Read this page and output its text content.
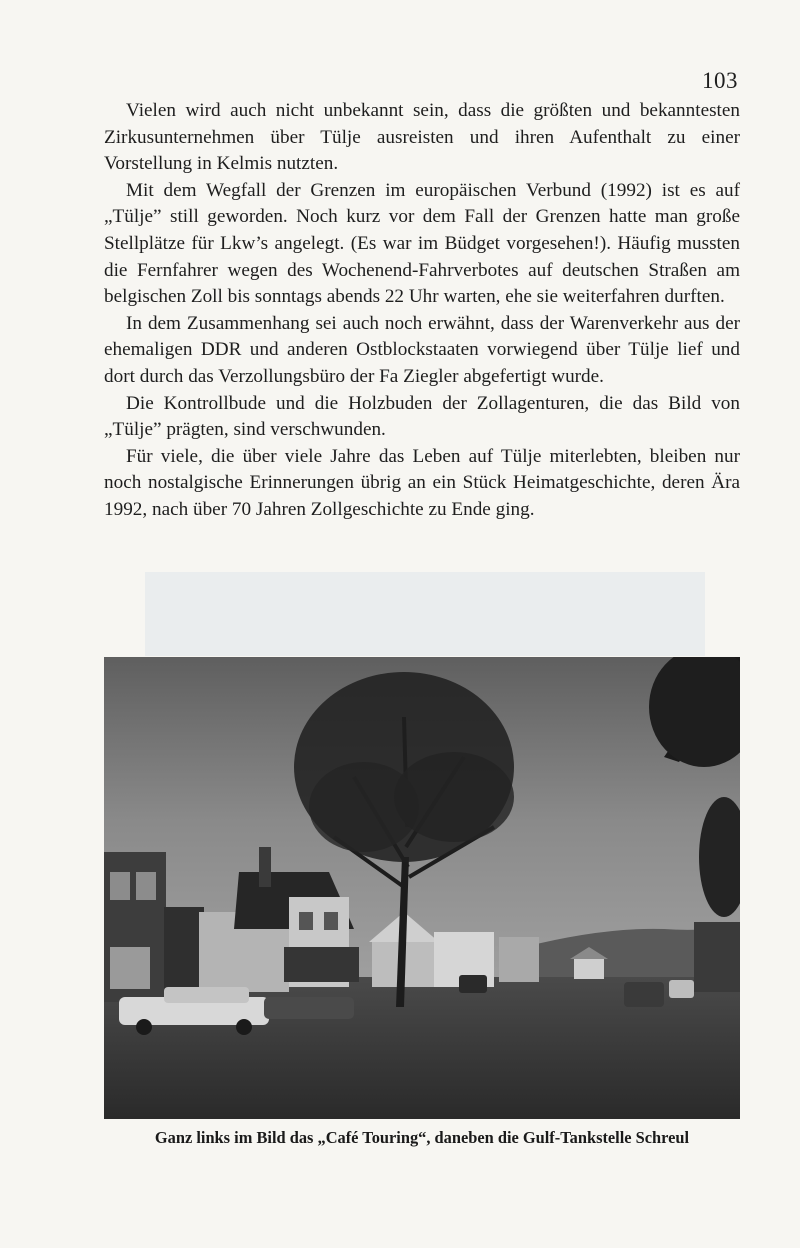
103

Vielen wird auch nicht unbekannt sein, dass die größten und bekanntesten Zirkusunternehmen über Tülje ausreisten und ihren Aufenthalt zu einer Vorstellung in Kelmis nutzten.

Mit dem Wegfall der Grenzen im europäischen Verbund (1992) ist es auf „Tülje” still geworden. Noch kurz vor dem Fall der Grenzen hatte man große Stellplätze für Lkw’s angelegt. (Es war im Büdget vorgesehen!). Häufig mussten die Fernfahrer wegen des Wochenend-Fahrverbotes auf deutschen Straßen am belgischen Zoll bis sonntags abends 22 Uhr warten, ehe sie weiterfahren durften.

In dem Zusammenhang sei auch noch erwähnt, dass der Warenverkehr aus der ehemaligen DDR und anderen Ostblockstaaten vorwiegend über Tülje lief und dort durch das Verzollungsbüro der Fa Ziegler abgefertigt wurde.

Die Kontrollbude und die Holzbuden der Zollagenturen, die das Bild von „Tülje” prägten, sind verschwunden.

Für viele, die über viele Jahre das Leben auf Tülje miterlebten, bleiben nur noch nostalgische Erinnerungen übrig an ein Stück Heimatgeschichte, deren Ära 1992, nach über 70 Jahren Zollgeschichte zu Ende ging.

Ganz links im Bild das „Café Touring“, daneben die Gulf-Tankstelle Schreul
